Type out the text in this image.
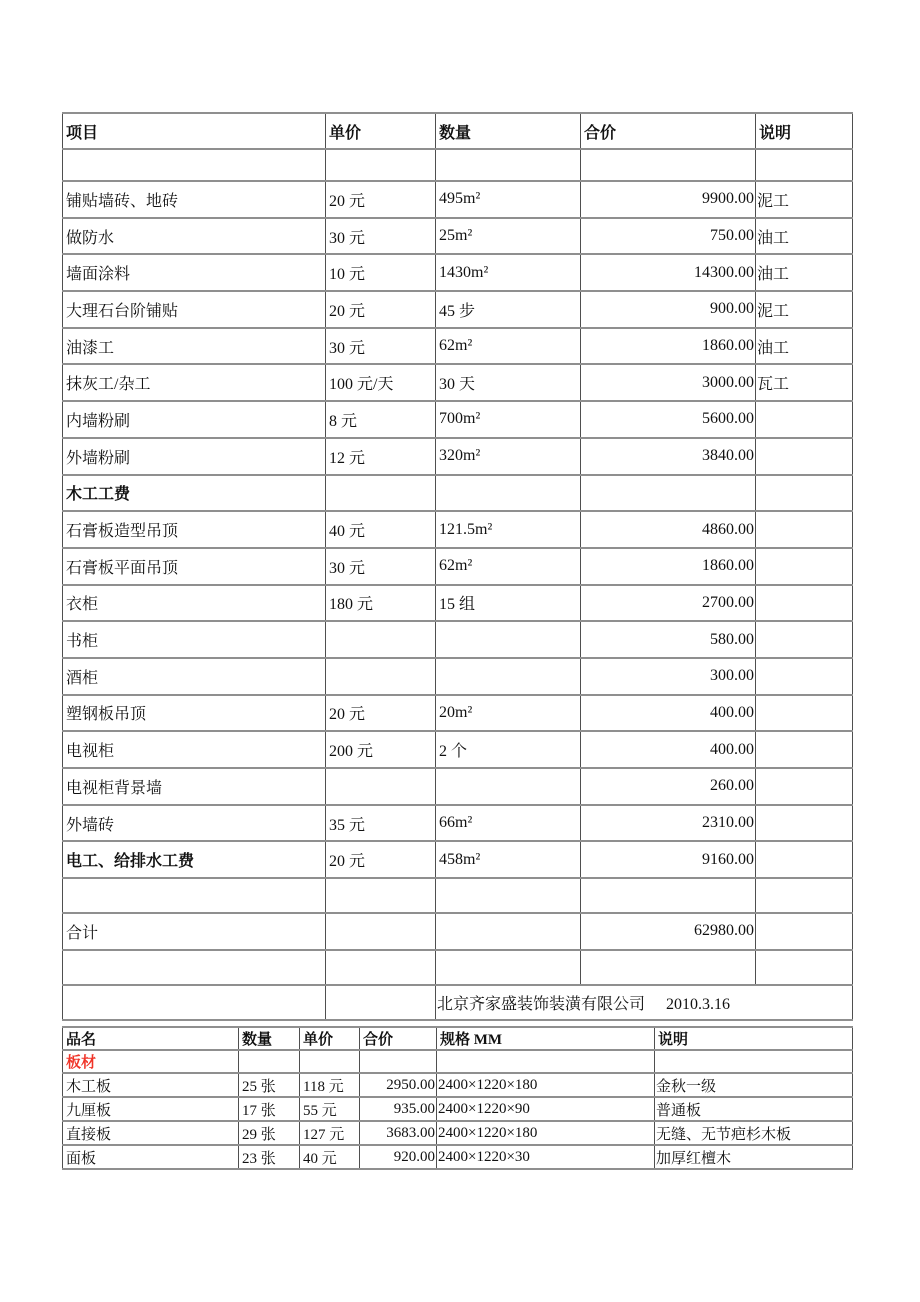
项目	单价	数量	合价	说明

铺贴墙砖、地砖	20 元	495m²	9900.00	泥工
做防水	30 元	25m²	750.00	油工
墙面涂料	10 元	1430m²	14300.00	油工
大理石台阶铺贴	20 元	45 步	900.00	泥工
油漆工	30 元	62m²	1860.00	油工
抹灰工/杂工	100 元/天	30 天	3000.00	瓦工
内墙粉刷	8 元	700m²	5600.00	
外墙粉刷	12 元	320m²	3840.00	
木工工费				
石膏板造型吊顶	40 元	121.5m²	4860.00	
石膏板平面吊顶	30 元	62m²	1860.00	
衣柜	180 元	15 组	2700.00	
书柜			580.00	
酒柜			300.00	
塑钢板吊顶	20 元	20m²	400.00	
电视柜	200 元	2 个	400.00	
电视柜背景墙			260.00	
外墙砖	35 元	66m²	2310.00	
电工、给排水工费	20 元	458m²	9160.00	

合计			62980.00	

		北京齐家盛装饰装潢有限公司 2010.3.16		
品名	数量	单价	合价	规格 MM	说明
板材					
木工板	25 张	118 元	2950.00	2400×1220×180	金秋一级
九厘板	17 张	55 元	935.00	2400×1220×90	普通板
直接板	29 张	127 元	3683.00	2400×1220×180	无缝、无节疤杉木板
面板	23 张	40 元	920.00	2400×1220×30	加厚红檀木
